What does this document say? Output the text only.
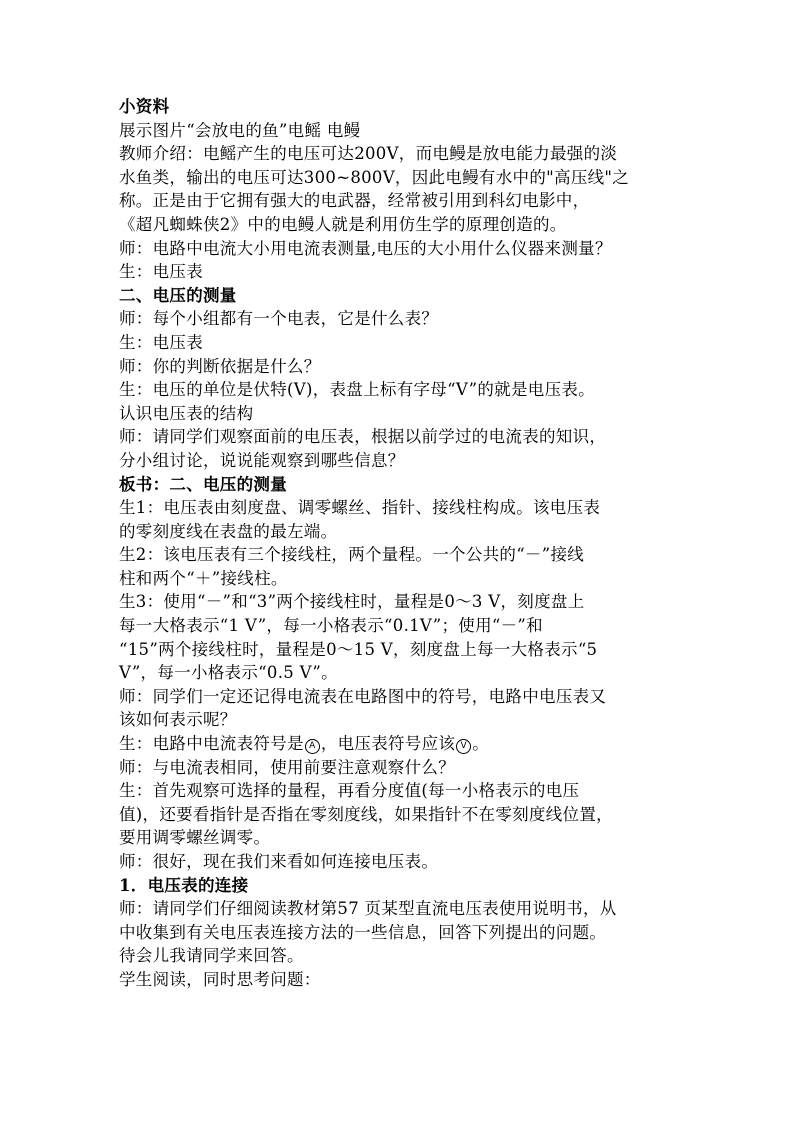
小资料
展示图片“会放电的鱼”电鳐 电鳗
教师介绍：电鳐产生的电压可达200V，而电鳗是放电能力最强的淡
水鱼类，输出的电压可达300~800V，因此电鳗有水中的"高压线"之
称。正是由于它拥有强大的电武器，经常被引用到科幻电影中，
《超凡蜘蛛侠2》中的电鳗人就是利用仿生学的原理创造的。
师：电路中电流大小用电流表测量,电压的大小用什么仪器来测量？
生：电压表
二、电压的测量
师：每个小组都有一个电表，它是什么表？
生：电压表
师：你的判断依据是什么？
生：电压的单位是伏特(V)，表盘上标有字母“V”的就是电压表。
认识电压表的结构
师：请同学们观察面前的电压表，根据以前学过的电流表的知识，
分小组讨论，说说能观察到哪些信息？
板书：二、电压的测量
生1：电压表由刻度盘、调零螺丝、指针、接线柱构成。该电压表
的零刻度线在表盘的最左端。
生2：该电压表有三个接线柱，两个量程。一个公共的“－”接线
柱和两个“＋”接线柱。
生3：使用“－”和“3”两个接线柱时，量程是0～3 V，刻度盘上
每一大格表示“1 V”，每一小格表示“0.1V”；使用“－”和
“15”两个接线柱时，量程是0～15 V，刻度盘上每一大格表示“5
V”，每一小格表示“0.5 V”。
师：同学们一定还记得电流表在电路图中的符号，电路中电压表又
该如何表示呢？
生：电路中电流表符号是 A ，电压表符号应该 V 。
师：与电流表相同，使用前要注意观察什么？
生：首先观察可选择的量程，再看分度值(每一小格表示的电压
值)，还要看指针是否指在零刻度线，如果指针不在零刻度线位置，
要用调零螺丝调零。
师：很好，现在我们来看如何连接电压表。
1．电压表的连接
师：请同学们仔细阅读教材第57 页某型直流电压表使用说明书，从
中收集到有关电压表连接方法的一些信息，回答下列提出的问题。
待会儿我请同学来回答。
学生阅读，同时思考问题：
